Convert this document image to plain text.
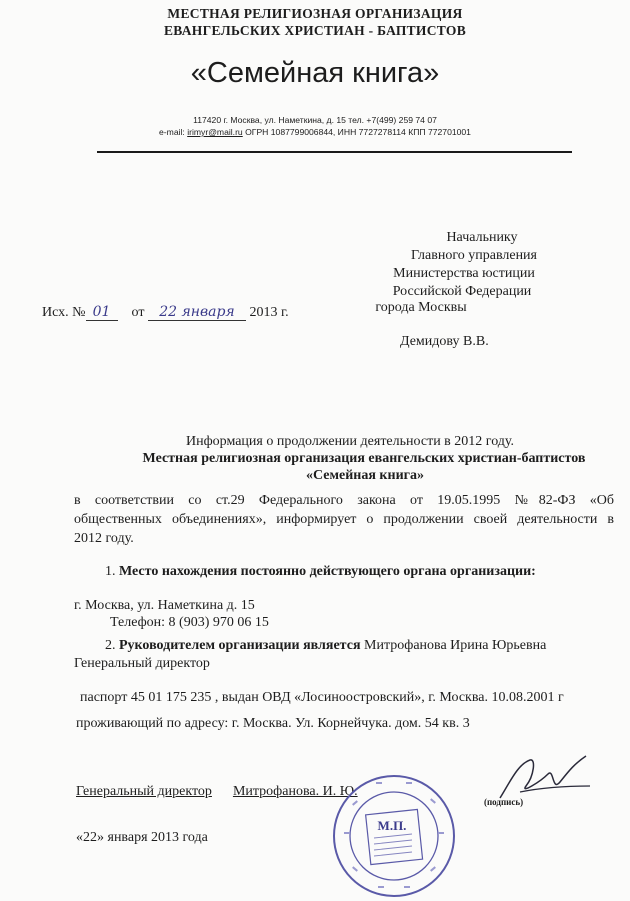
МЕСТНАЯ РЕЛИГИОЗНАЯ ОРГАНИЗАЦИЯ
ЕВАНГЕЛЬСКИХ ХРИСТИАН - БАПТИСТОВ
«Семейная книга»
117420 г. Москва, ул. Наметкина, д. 15 тел. +7(499) 259 74 07
e-mail: irimyr@mail.ru ОГРН 1087799006844, ИНН 7727278114 КПП 772701001
Начальнику
Главного управления
Министерства юстиции
Российской Федерации
города Москвы
Демидову В.В.
Исх. № 01 от 22 января 2013 г.
Информация о продолжении деятельности в 2012 году.
Местная религиозная организация евангельских христиан-баптистов
«Семейная книга»
в соответствии со ст.29 Федерального закона от 19.05.1995 №82-ФЗ «Об
общественных объединениях», информирует о продолжении своей деятельности в
2012 году.
1. Место нахождения постоянно действующего органа организации:
г. Москва, ул. Наметкина д. 15
Телефон: 8 (903) 970 06 15
2. Руководителем организации является Митрофанова Ирина Юрьевна
Генеральный директор
паспорт 45 01 175 235 , выдан ОВД «Лосиноостровский», г. Москва. 10.08.2001 г
проживающий по адресу: г. Москва. Ул. Корнейчука. дом. 54 кв. 3
Генеральный директор Митрофанова. И. Ю.
(подпись)
«22» января 2013 года
М.П.
